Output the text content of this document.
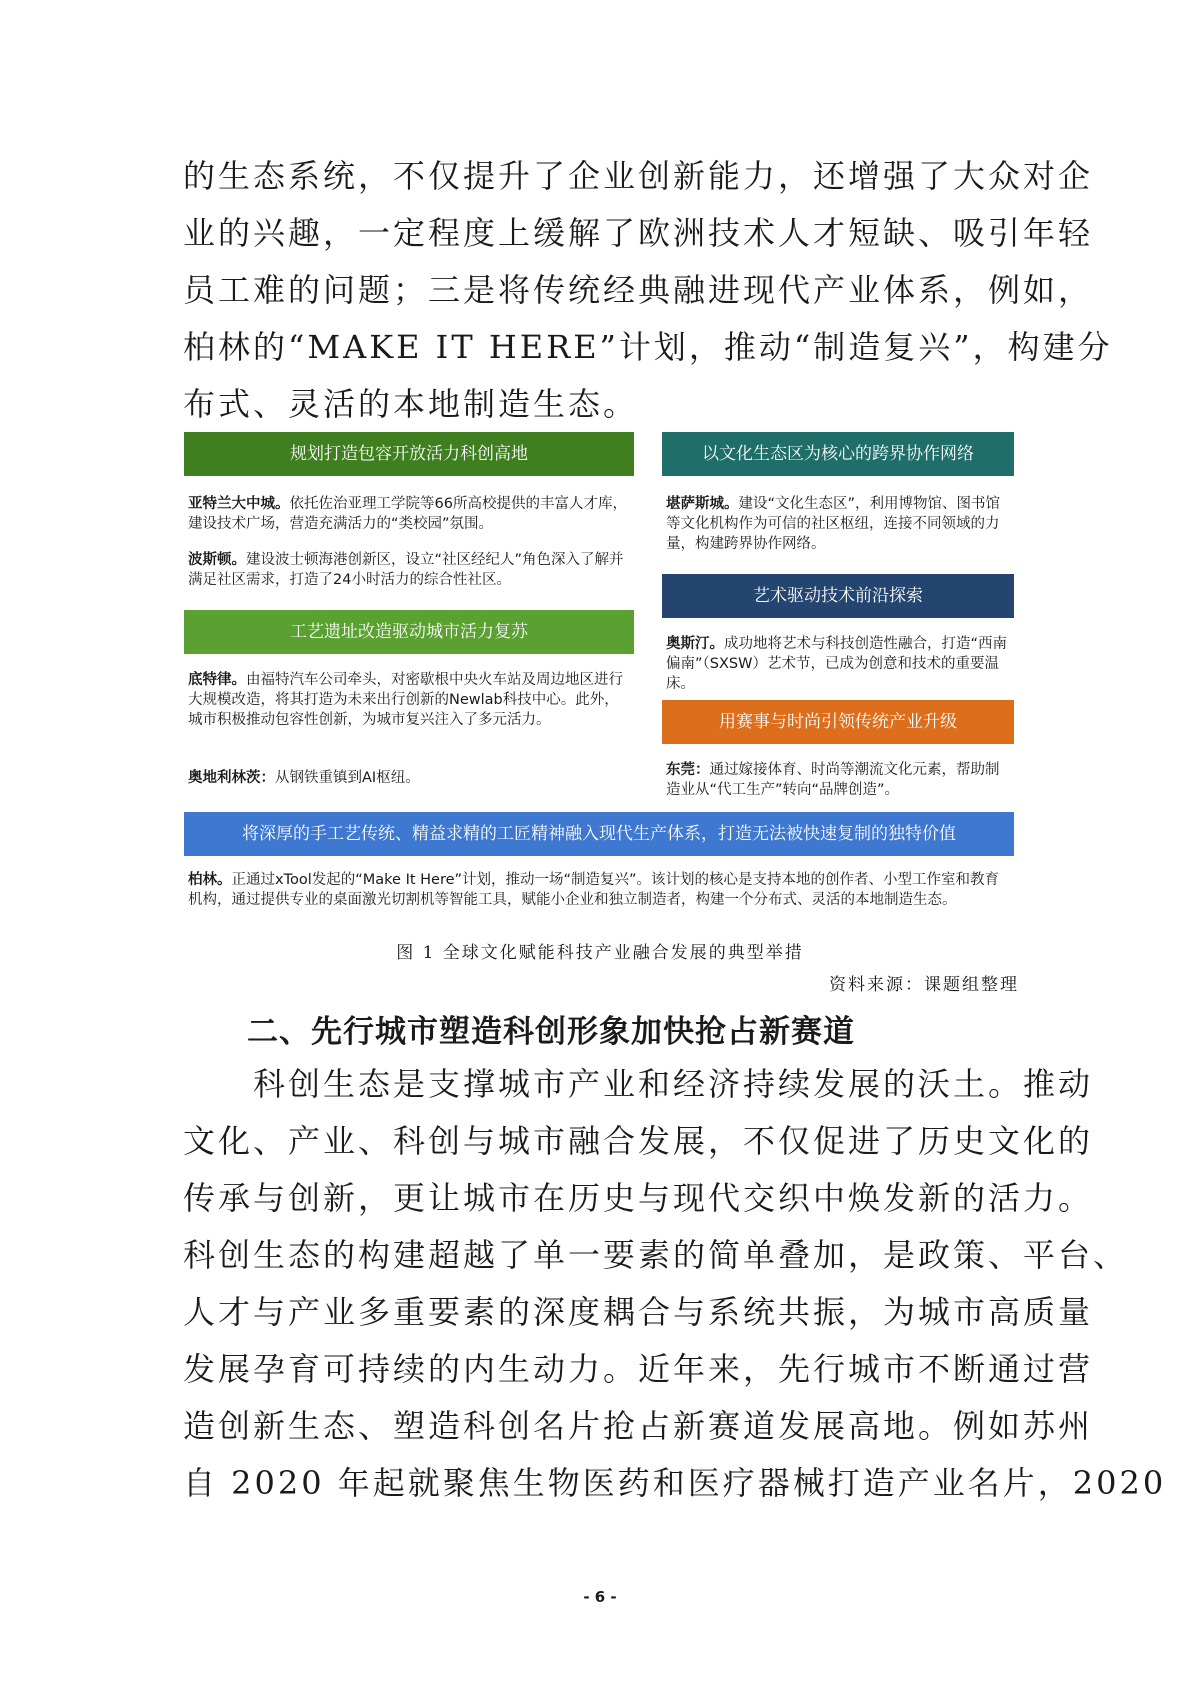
的生态系统，不仅提升了企业创新能力，还增强了大众对企
业的兴趣，一定程度上缓解了欧洲技术人才短缺、吸引年轻
员工难的问题；三是将传统经典融进现代产业体系，例如，
柏林的“MAKE IT HERE”计划，推动“制造复兴”，构建分
布式、灵活的本地制造生态。
规划打造包容开放活力科创高地

亚特兰大中城。依托佐治亚理工学院等66所高校提供的丰富人才库，建设技术广场，营造充满活力的“类校园”氛围。

波斯顿。建设波士顿海港创新区，设立“社区经纪人”角色深入了解并满足社区需求，打造了24小时活力的综合性社区。

工艺遗址改造驱动城市活力复苏

底特律。由福特汽车公司牵头，对密歇根中央火车站及周边地区进行大规模改造，将其打造为未来出行创新的Newlab科技中心。此外，城市积极推动包容性创新，为城市复兴注入了多元活力。

奥地利林茨：从钢铁重镇到AI枢纽。

以文化生态区为核心的跨界协作网络

堪萨斯城。建设“文化生态区”，利用博物馆、图书馆等文化机构作为可信的社区枢纽，连接不同领域的力量，构建跨界协作网络。

艺术驱动技术前沿探索

奥斯汀。成功地将艺术与科技创造性融合，打造“西南偏南”（SXSW）艺术节，已成为创意和技术的重要温床。

用赛事与时尚引领传统产业升级

东莞：通过嫁接体育、时尚等潮流文化元素，帮助制造业从“代工生产”转向“品牌创造”。

将深厚的手工艺传统、精益求精的工匠精神融入现代生产体系，打造无法被快速复制的独特价值

柏林。正通过xTool发起的“Make It Here”计划，推动一场“制造复兴”。该计划的核心是支持本地的创作者、小型工作室和教育机构，通过提供专业的桌面激光切割机等智能工具，赋能小企业和独立制造者，构建一个分布式、灵活的本地制造生态。

图 1 全球文化赋能科技产业融合发展的典型举措
资料来源：课题组整理
二、先行城市塑造科创形象加快抢占新赛道
　　科创生态是支撑城市产业和经济持续发展的沃土。推动
文化、产业、科创与城市融合发展，不仅促进了历史文化的
传承与创新，更让城市在历史与现代交织中焕发新的活力。
科创生态的构建超越了单一要素的简单叠加，是政策、平台、
人才与产业多重要素的深度耦合与系统共振，为城市高质量
发展孕育可持续的内生动力。近年来，先行城市不断通过营
造创新生态、塑造科创名片抢占新赛道发展高地。例如苏州
自 2020 年起就聚焦生物医药和医疗器械打造产业名片，2020
- 6 -
